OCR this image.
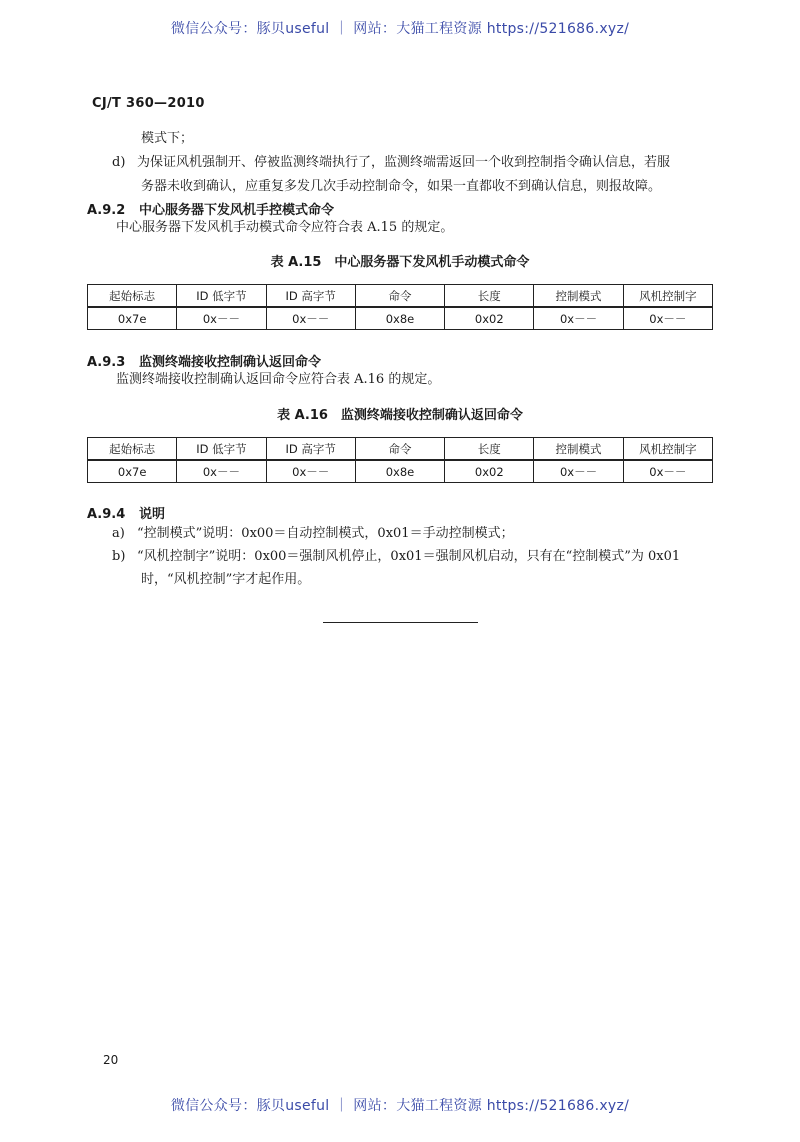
微信公众号：豚贝useful ｜ 网站：大猫工程资源 https://521686.xyz/
CJ/T 360—2010
模式下；
d) 为保证风机强制开、停被监测终端执行了，监测终端需返回一个收到控制指令确认信息，若服
务器未收到确认，应重复多发几次手动控制命令，如果一直都收不到确认信息，则报故障。
A.9.2 中心服务器下发风机手控模式命令
中心服务器下发风机手动模式命令应符合表 A.15 的规定。
表 A.15　中心服务器下发风机手动模式命令
起始标志	ID 低字节	ID 高字节	命令	长度	控制模式	风机控制字
0x7e	0x－－	0x－－	0x8e	0x02	0x－－	0x－－
A.9.3 监测终端接收控制确认返回命令
监测终端接收控制确认返回命令应符合表 A.16 的规定。
表 A.16　监测终端接收控制确认返回命令
起始标志	ID 低字节	ID 高字节	命令	长度	控制模式	风机控制字
0x7e	0x－－	0x－－	0x8e	0x02	0x－－	0x－－
A.9.4 说明
a) “控制模式”说明：0x00＝自动控制模式，0x01＝手动控制模式；
b) “风机控制字”说明：0x00＝强制风机停止，0x01＝强制风机启动，只有在“控制模式”为 0x01
时，“风机控制”字才起作用。
20
微信公众号：豚贝useful ｜ 网站：大猫工程资源 https://521686.xyz/
